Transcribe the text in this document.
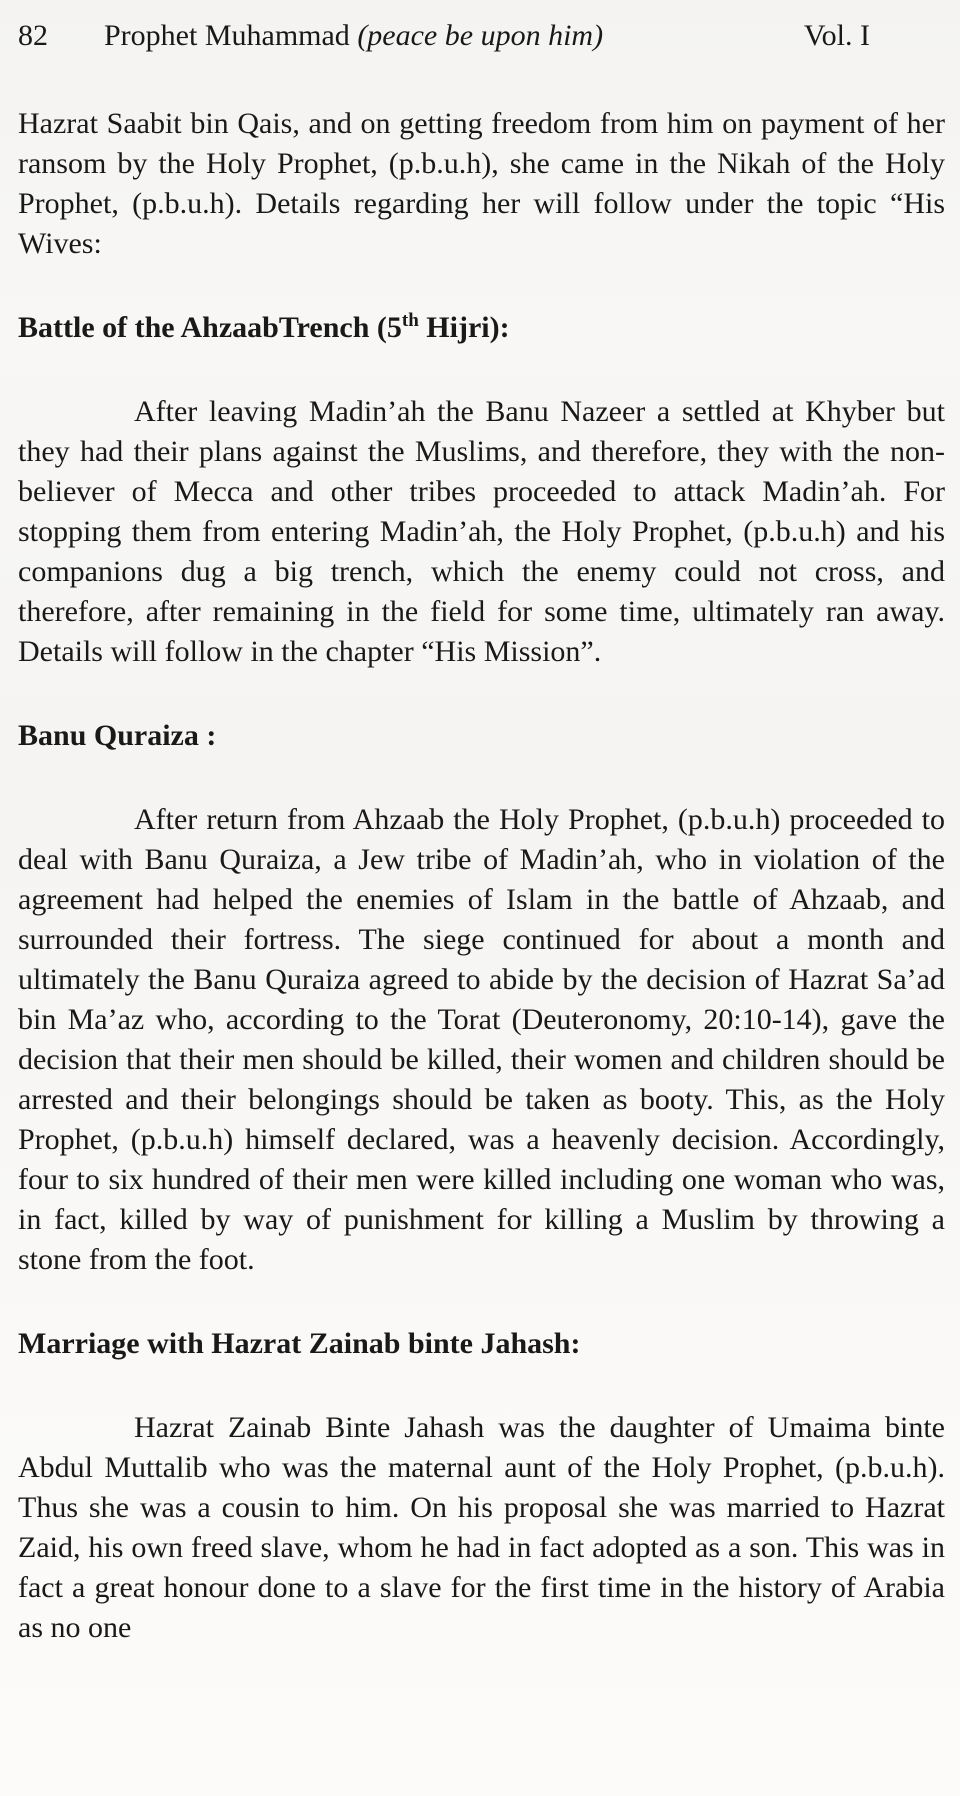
82 Prophet Muhammad (peace be upon him)	Vol. I

Hazrat Saabit bin Qais, and on getting freedom from him on payment of her ransom by the Holy Prophet, (p.b.u.h), she came in the Nikah of the Holy Prophet, (p.b.u.h). Details regarding her will follow under the topic “His Wives:

Battle of the AhzaabTrench (5th Hijri):

After leaving Madin’ah the Banu Nazeer a settled at Khyber but they had their plans against the Muslims, and therefore, they with the non-believer of Mecca and other tribes proceeded to attack Madin’ah. For stopping them from entering Madin’ah, the Holy Prophet, (p.b.u.h) and his companions dug a big trench, which the enemy could not cross, and therefore, after remaining in the field for some time, ultimately ran away. Details will follow in the chapter “His Mission”.

Banu Quraiza :

After return from Ahzaab the Holy Prophet, (p.b.u.h) proceeded to deal with Banu Quraiza, a Jew tribe of Madin’ah, who in violation of the agreement had helped the enemies of Islam in the battle of Ahzaab, and surrounded their fortress. The siege continued for about a month and ultimately the Banu Quraiza agreed to abide by the decision of Hazrat Sa’ad bin Ma’az who, according to the Torat (Deuteronomy, 20:10-14), gave the decision that their men should be killed, their women and children should be arrested and their belongings should be taken as booty. This, as the Holy Prophet, (p.b.u.h) himself declared, was a heavenly decision. Accordingly, four to six hundred of their men were killed including one woman who was, in fact, killed by way of punishment for killing a Muslim by throwing a stone from the foot.

Marriage with Hazrat Zainab binte Jahash:

Hazrat Zainab Binte Jahash was the daughter of Umaima binte Abdul Muttalib who was the maternal aunt of the Holy Prophet, (p.b.u.h). Thus she was a cousin to him. On his proposal she was married to Hazrat Zaid, his own freed slave, whom he had in fact adopted as a son. This was in fact a great honour done to a slave for the first time in the history of Arabia as no one
